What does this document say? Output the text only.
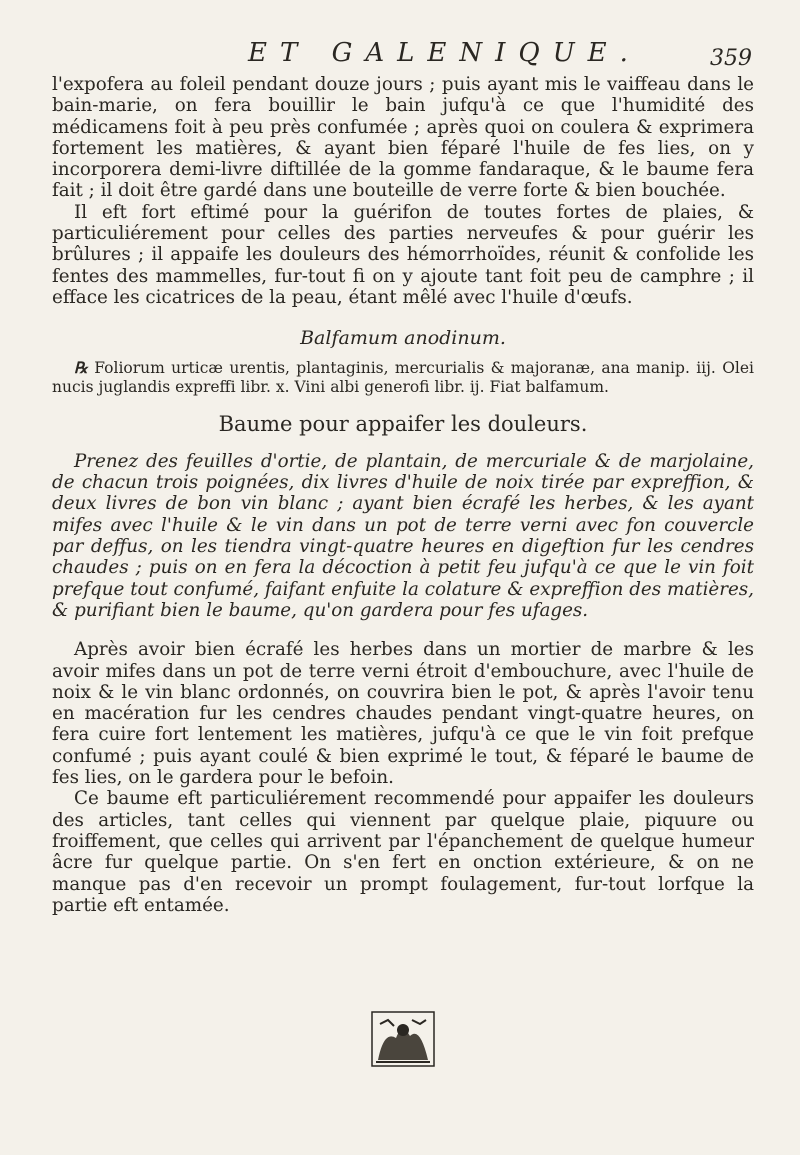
ET GALENIQUE.	359

l'expofera au foleil pendant douze jours ; puis ayant mis le vaiffeau dans le bain-marie, on fera bouillir le bain jufqu'à ce que l'humidité des médicamens foit à peu près confumée ; après quoi on coulera & exprimera fortement les matières, & ayant bien féparé l'huile de fes lies, on y incorporera demi-livre diftillée de la gomme fandaraque, & le baume fera fait ; il doit être gardé dans une bouteille de verre forte & bien bouchée.

Il eft fort eftimé pour la guérifon de toutes fortes de plaies, & particuliérement pour celles des parties nerveufes & pour guérir les brûlures ; il appaife les douleurs des hémorrhoïdes, réunit & confolide les fentes des mammelles, fur-tout fi on y ajoute tant foit peu de camphre ; il efface les cicatrices de la peau, étant mêlé avec l'huile d'œufs.

Balfamum anodinum.

℞ Foliorum urticæ urentis, plantaginis, mercurialis & majoranæ, ana manip. iij. Olei nucis juglandis expreffi libr. x. Vini albi generofi libr. ij. Fiat balfamum.

Baume pour appaifer les douleurs.

Prenez des feuilles d'ortie, de plantain, de mercuriale & de marjolaine, de chacun trois poignées, dix livres d'huile de noix tirée par expreffion, & deux livres de bon vin blanc ; ayant bien écrafé les herbes, & les ayant mifes avec l'huile & le vin dans un pot de terre verni avec fon couvercle par deffus, on les tiendra vingt-quatre heures en digeftion fur les cendres chaudes ; puis on en fera la décoction à petit feu jufqu'à ce que le vin foit prefque tout confumé, faifant enfuite la colature & expreffion des matières, & purifiant bien le baume, qu'on gardera pour fes ufages.

Après avoir bien écrafé les herbes dans un mortier de marbre & les avoir mifes dans un pot de terre verni étroit d'embouchure, avec l'huile de noix & le vin blanc ordonnés, on couvrira bien le pot, & après l'avoir tenu en macération fur les cendres chaudes pendant vingt-quatre heures, on fera cuire fort lentement les matières, jufqu'à ce que le vin foit prefque confumé ; puis ayant coulé & bien exprimé le tout, & féparé le baume de fes lies, on le gardera pour le befoin.

Ce baume eft particuliérement recommendé pour appaifer les douleurs des articles, tant celles qui viennent par quelque plaie, piquure ou froiffement, que celles qui arrivent par l'épanchement de quelque humeur âcre fur quelque partie. On s'en fert en onction extérieure, & on ne manque pas d'en recevoir un prompt foulagement, fur-tout lorfque la partie eft entamée.
